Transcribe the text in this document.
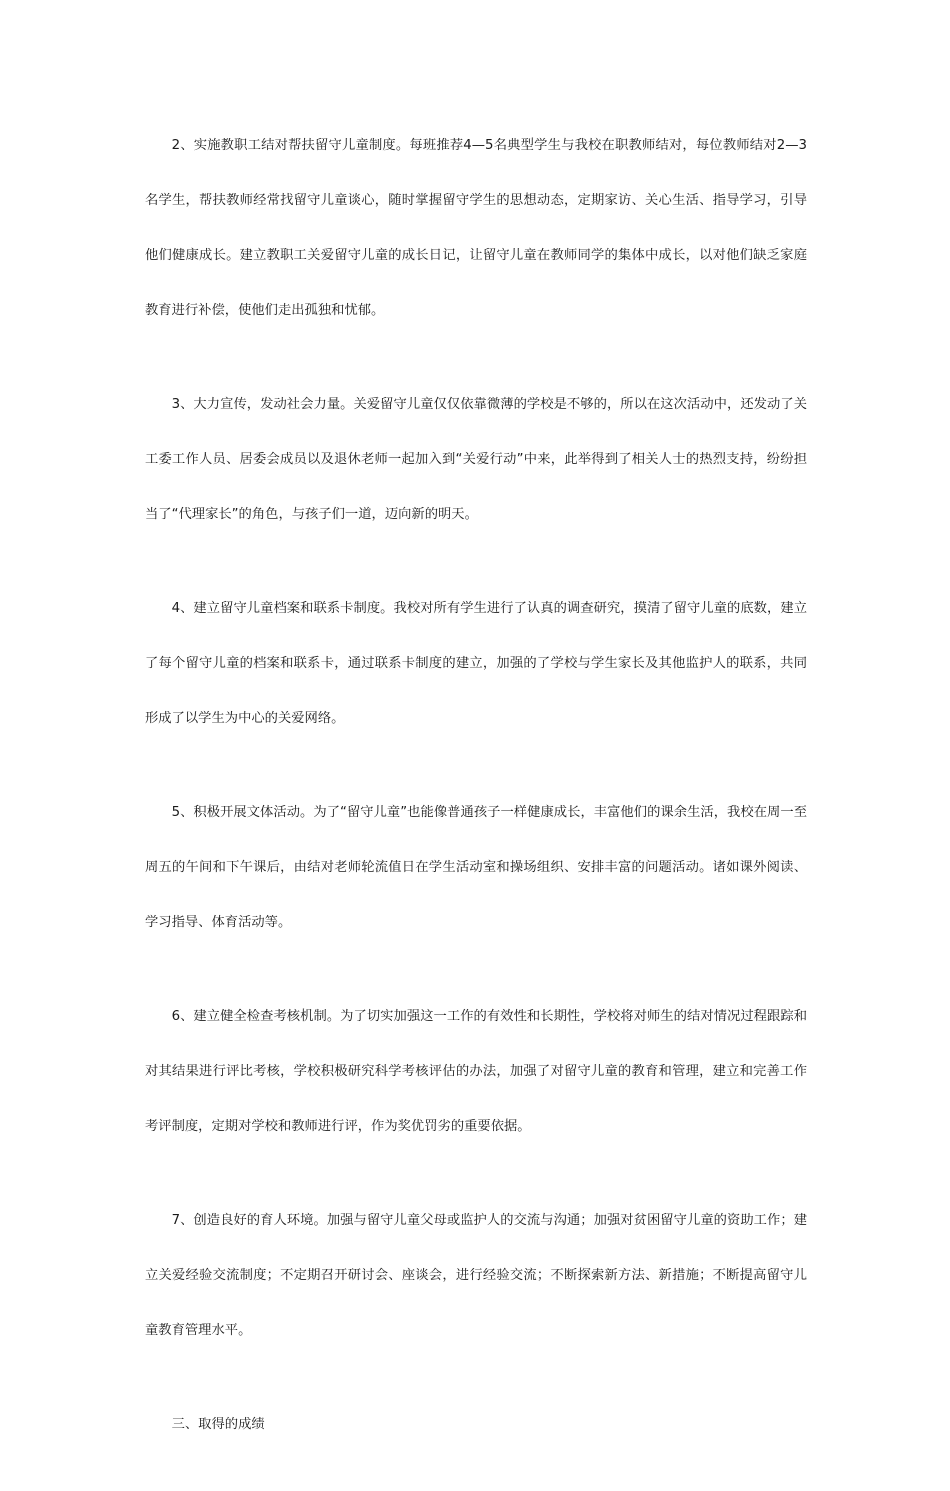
2、实施教职工结对帮扶留守儿童制度。每班推荐4—5名典型学生与我校在职教师结对，每位教师结对2—3名学生，帮扶教师经常找留守儿童谈心，随时掌握留守学生的思想动态，定期家访、关心生活、指导学习，引导他们健康成长。建立教职工关爱留守儿童的成长日记，让留守儿童在教师同学的集体中成长，以对他们缺乏家庭教育进行补偿，使他们走出孤独和忧郁。

3、大力宣传，发动社会力量。关爱留守儿童仅仅依靠微薄的学校是不够的，所以在这次活动中，还发动了关工委工作人员、居委会成员以及退休老师一起加入到“关爱行动”中来，此举得到了相关人士的热烈支持，纷纷担当了“代理家长”的角色，与孩子们一道，迈向新的明天。

4、建立留守儿童档案和联系卡制度。我校对所有学生进行了认真的调查研究，摸清了留守儿童的底数，建立了每个留守儿童的档案和联系卡，通过联系卡制度的建立，加强的了学校与学生家长及其他监护人的联系，共同形成了以学生为中心的关爱网络。

5、积极开展文体活动。为了“留守儿童”也能像普通孩子一样健康成长，丰富他们的课余生活，我校在周一至周五的午间和下午课后，由结对老师轮流值日在学生活动室和操场组织、安排丰富的问题活动。诸如课外阅读、学习指导、体育活动等。

6、建立健全检查考核机制。为了切实加强这一工作的有效性和长期性，学校将对师生的结对情况过程跟踪和对其结果进行评比考核，学校积极研究科学考核评估的办法，加强了对留守儿童的教育和管理，建立和完善工作考评制度，定期对学校和教师进行评，作为奖优罚劣的重要依据。

7、创造良好的育人环境。加强与留守儿童父母或监护人的交流与沟通；加强对贫困留守儿童的资助工作；建立关爱经验交流制度；不定期召开研讨会、座谈会，进行经验交流；不断探索新方法、新措施；不断提高留守儿童教育管理水平。

三、取得的成绩
